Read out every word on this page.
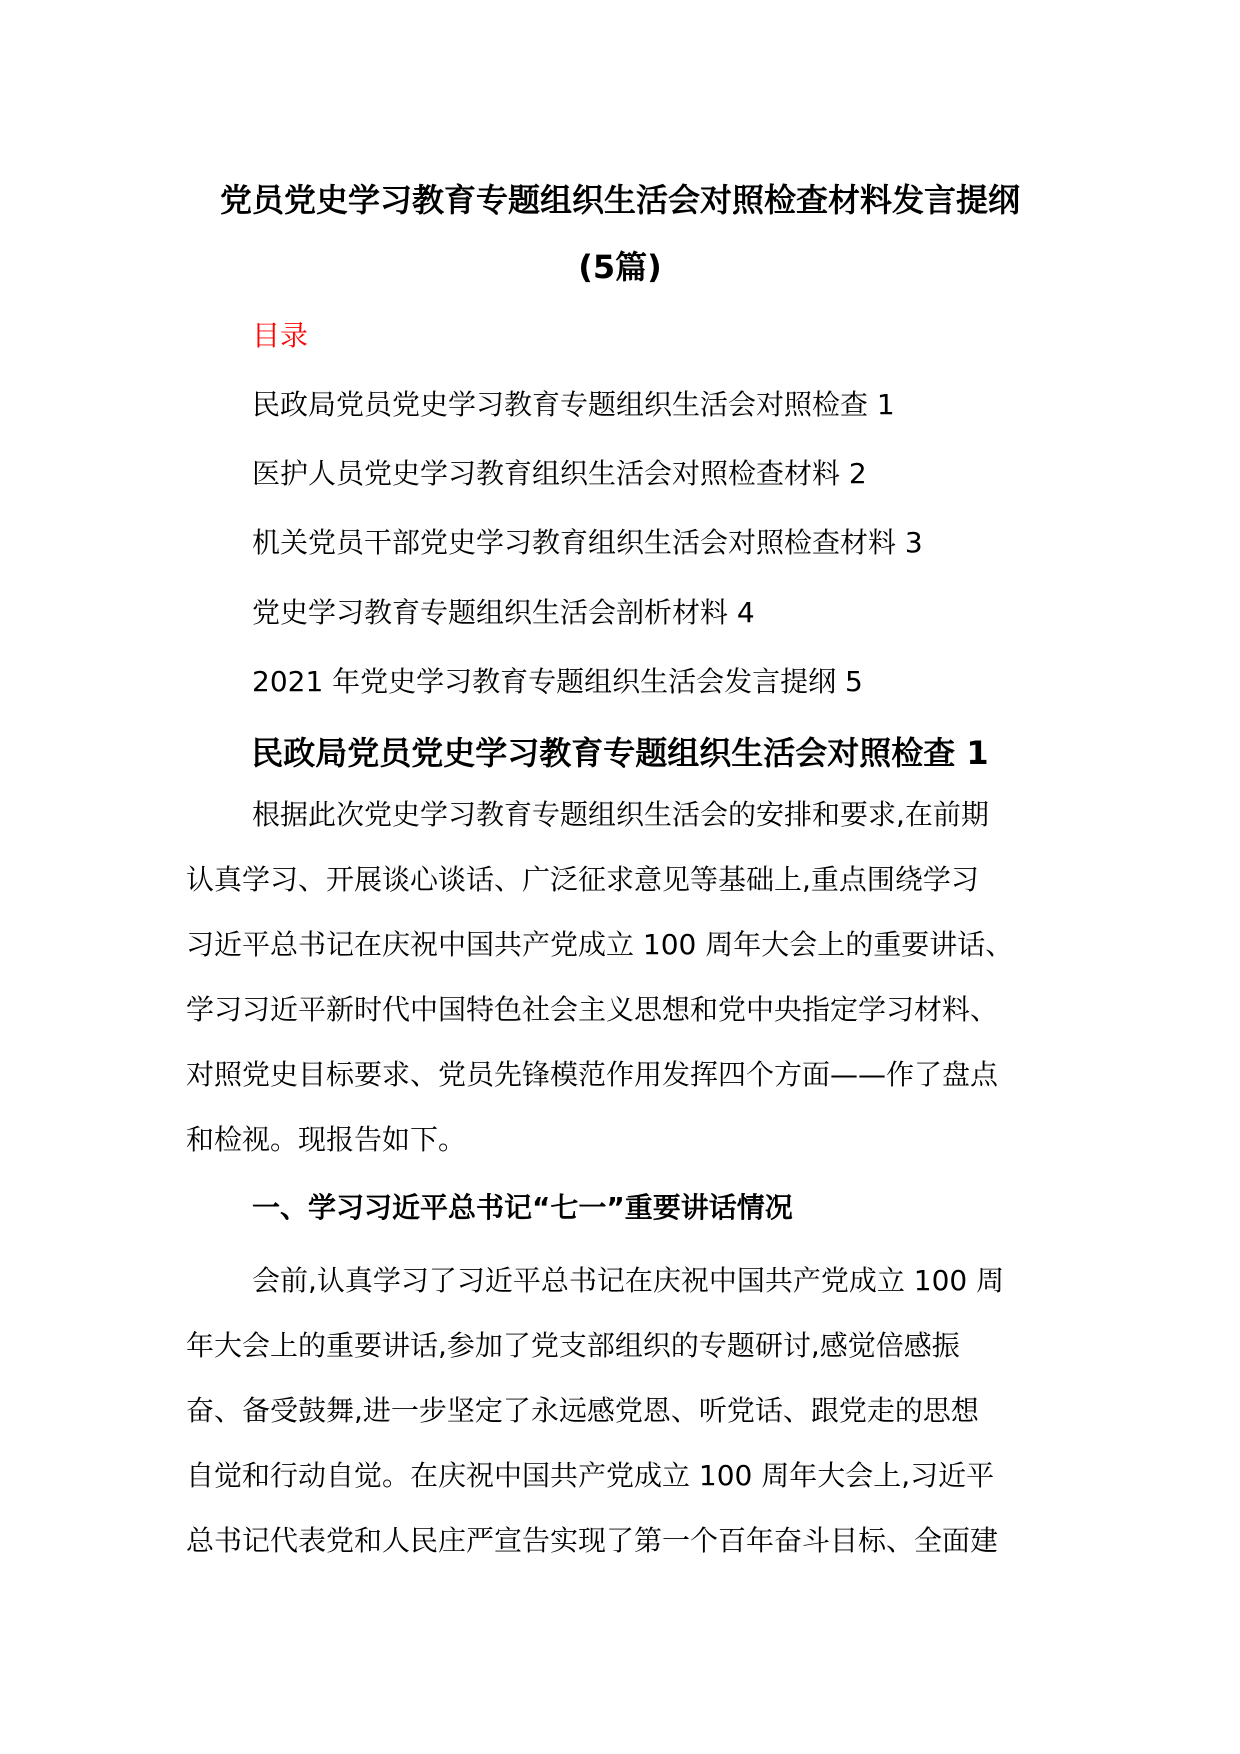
党员党史学习教育专题组织生活会对照检查材料发言提纲
(5篇)
目录
民政局党员党史学习教育专题组织生活会对照检查 1
医护人员党史学习教育组织生活会对照检查材料 2
机关党员干部党史学习教育组织生活会对照检查材料 3
党史学习教育专题组织生活会剖析材料 4
2021 年党史学习教育专题组织生活会发言提纲 5
民政局党员党史学习教育专题组织生活会对照检查 1
根据此次党史学习教育专题组织生活会的安排和要求,在前期
认真学习、开展谈心谈话、广泛征求意见等基础上,重点围绕学习
习近平总书记在庆祝中国共产党成立 100 周年大会上的重要讲话、
学习习近平新时代中国特色社会主义思想和党中央指定学习材料、
对照党史目标要求、党员先锋模范作用发挥四个方面——作了盘点
和检视。现报告如下。
一、学习习近平总书记“七一”重要讲话情况
会前,认真学习了习近平总书记在庆祝中国共产党成立 100 周
年大会上的重要讲话,参加了党支部组织的专题研讨,感觉倍感振
奋、备受鼓舞,进一步坚定了永远感党恩、听党话、跟党走的思想
自觉和行动自觉。在庆祝中国共产党成立 100 周年大会上,习近平
总书记代表党和人民庄严宣告实现了第一个百年奋斗目标、全面建
